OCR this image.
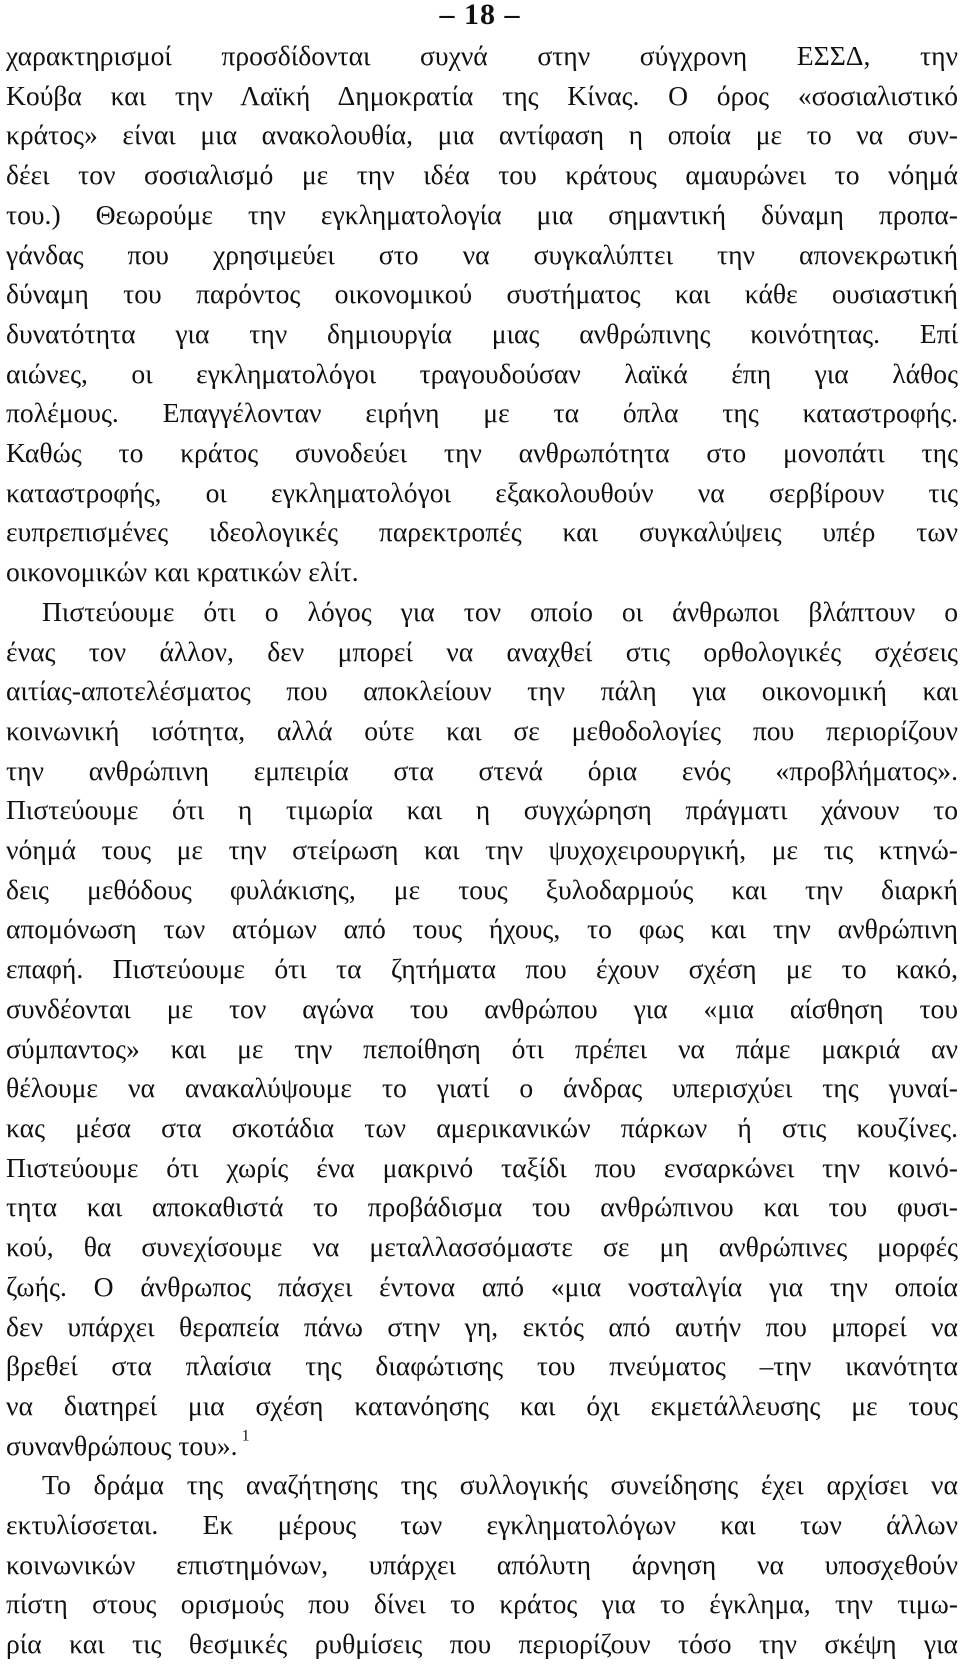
– 18 –
χαρακτηρισμοί προσδίδονται συχνά στην σύγχρονη ΕΣΣΔ, την
Κούβα και την Λαϊκή Δημοκρατία της Κίνας. Ο όρος «σοσιαλιστικό
κράτος» είναι μια ανακολουθία, μια αντίφαση η οποία με το να συν-
δέει τον σοσιαλισμό με την ιδέα του κράτους αμαυρώνει το νόημά
του.) Θεωρούμε την εγκληματολογία μια σημαντική δύναμη προπα-
γάνδας που χρησιμεύει στο να συγκαλύπτει την απονεκρωτική
δύναμη του παρόντος οικονομικού συστήματος και κάθε ουσιαστική
δυνατότητα για την δημιουργία μιας ανθρώπινης κοινότητας. Επί
αιώνες, οι εγκληματολόγοι τραγουδούσαν λαϊκά έπη για λάθος
πολέμους. Επαγγέλονταν ειρήνη με τα όπλα της καταστροφής.
Καθώς το κράτος συνοδεύει την ανθρωπότητα στο μονοπάτι της
καταστροφής, οι εγκληματολόγοι εξακολουθούν να σερβίρουν τις
ευπρεπισμένες ιδεολογικές παρεκτροπές και συγκαλύψεις υπέρ των
οικονομικών και κρατικών ελίτ.
Πιστεύουμε ότι ο λόγος για τον οποίο οι άνθρωποι βλάπτουν ο
ένας τον άλλον, δεν μπορεί να αναχθεί στις ορθολογικές σχέσεις
αιτίας-αποτελέσματος που αποκλείουν την πάλη για οικονομική και
κοινωνική ισότητα, αλλά ούτε και σε μεθοδολογίες που περιορίζουν
την ανθρώπινη εμπειρία στα στενά όρια ενός «προβλήματος».
Πιστεύουμε ότι η τιμωρία και η συγχώρηση πράγματι χάνουν το
νόημά τους με την στείρωση και την ψυχοχειρουργική, με τις κτηνώ-
δεις μεθόδους φυλάκισης, με τους ξυλοδαρμούς και την διαρκή
απομόνωση των ατόμων από τους ήχους, το φως και την ανθρώπινη
επαφή. Πιστεύουμε ότι τα ζητήματα που έχουν σχέση με το κακό,
συνδέονται με τον αγώνα του ανθρώπου για «μια αίσθηση του
σύμπαντος» και με την πεποίθηση ότι πρέπει να πάμε μακριά αν
θέλουμε να ανακαλύψουμε το γιατί ο άνδρας υπερισχύει της γυναί-
κας μέσα στα σκοτάδια των αμερικανικών πάρκων ή στις κουζίνες.
Πιστεύουμε ότι χωρίς ένα μακρινό ταξίδι που ενσαρκώνει την κοινό-
τητα και αποκαθιστά το προβάδισμα του ανθρώπινου και του φυσι-
κού, θα συνεχίσουμε να μεταλλασσόμαστε σε μη ανθρώπινες μορφές
ζωής. Ο άνθρωπος πάσχει έντονα από «μια νοσταλγία για την οποία
δεν υπάρχει θεραπεία πάνω στην γη, εκτός από αυτήν που μπορεί να
βρεθεί στα πλαίσια της διαφώτισης του πνεύματος –την ικανότητα
να διατηρεί μια σχέση κατανόησης και όχι εκμετάλλευσης με τους
συνανθρώπους του». $^1$
Το δράμα της αναζήτησης της συλλογικής συνείδησης έχει αρχίσει να
εκτυλίσσεται. Εκ μέρους των εγκληματολόγων και των άλλων
κοινωνικών επιστημόνων, υπάρχει απόλυτη άρνηση να υποσχεθούν
πίστη στους ορισμούς που δίνει το κράτος για το έγκλημα, την τιμω-
ρία και τις θεσμικές ρυθμίσεις που περιορίζουν τόσο την σκέψη για
